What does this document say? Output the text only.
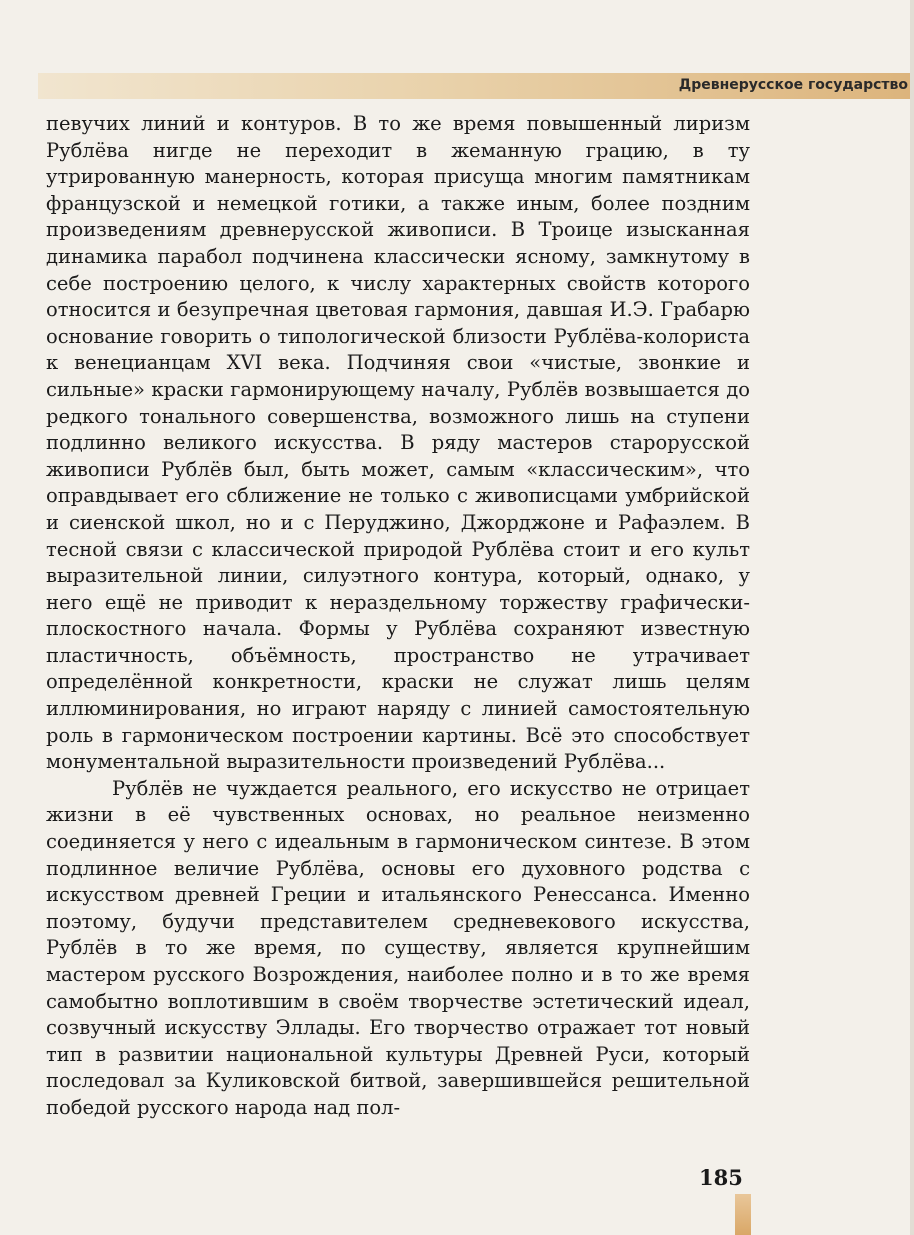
Древнерусское государство

певучих линий и контуров. В то же время повышенный лиризм Рублёва нигде не переходит в жеманную грацию, в ту утрированную манерность, которая присуща многим памятникам французской и немецкой готики, а также иным, более поздним произведениям древнерусской живописи. В Троице изысканная динамика парабол подчинена классически ясному, замкнутому в себе построению целого, к числу характерных свойств которого относится и безупречная цветовая гармония, давшая И.Э. Грабарю основание говорить о типологической близости Рублёва-колориста к венецианцам XVI века. Подчиняя свои «чистые, звонкие и сильные» краски гармонирующему началу, Рублёв возвышается до редкого тонального совершенства, возможного лишь на ступени подлинно великого искусства. В ряду мастеров старорусской живописи Рублёв был, быть может, самым «классическим», что оправдывает его сближение не только с живописцами умбрийской и сиенской школ, но и с Перуджино, Джорджоне и Рафаэлем. В тесной связи с классической природой Рублёва стоит и его культ выразительной линии, силуэтного контура, который, однако, у него ещё не приводит к нераздельному торжеству графически-плоскостного начала. Формы у Рублёва сохраняют известную пластичность, объёмность, пространство не утрачивает определённой конкретности, краски не служат лишь целям иллюминирования, но играют наряду с линией самостоятельную роль в гармоническом построении картины. Всё это способствует монументальной выразительности произведений Рублёва...

Рублёв не чуждается реального, его искусство не отрицает жизни в её чувственных основах, но реальное неизменно соединяется у него с идеальным в гармоническом синтезе. В этом подлинное величие Рублёва, основы его духовного родства с искусством древней Греции и итальянского Ренессанса. Именно поэтому, будучи представителем средневекового искусства, Рублёв в то же время, по существу, является крупнейшим мастером русского Возрождения, наиболее полно и в то же время самобытно воплотившим в своём творчестве эстетический идеал, созвучный искусству Эллады. Его творчество отражает тот новый тип в развитии национальной культуры Древней Руси, который последовал за Куликовской битвой, завершившейся решительной победой русского народа над пол-

185
